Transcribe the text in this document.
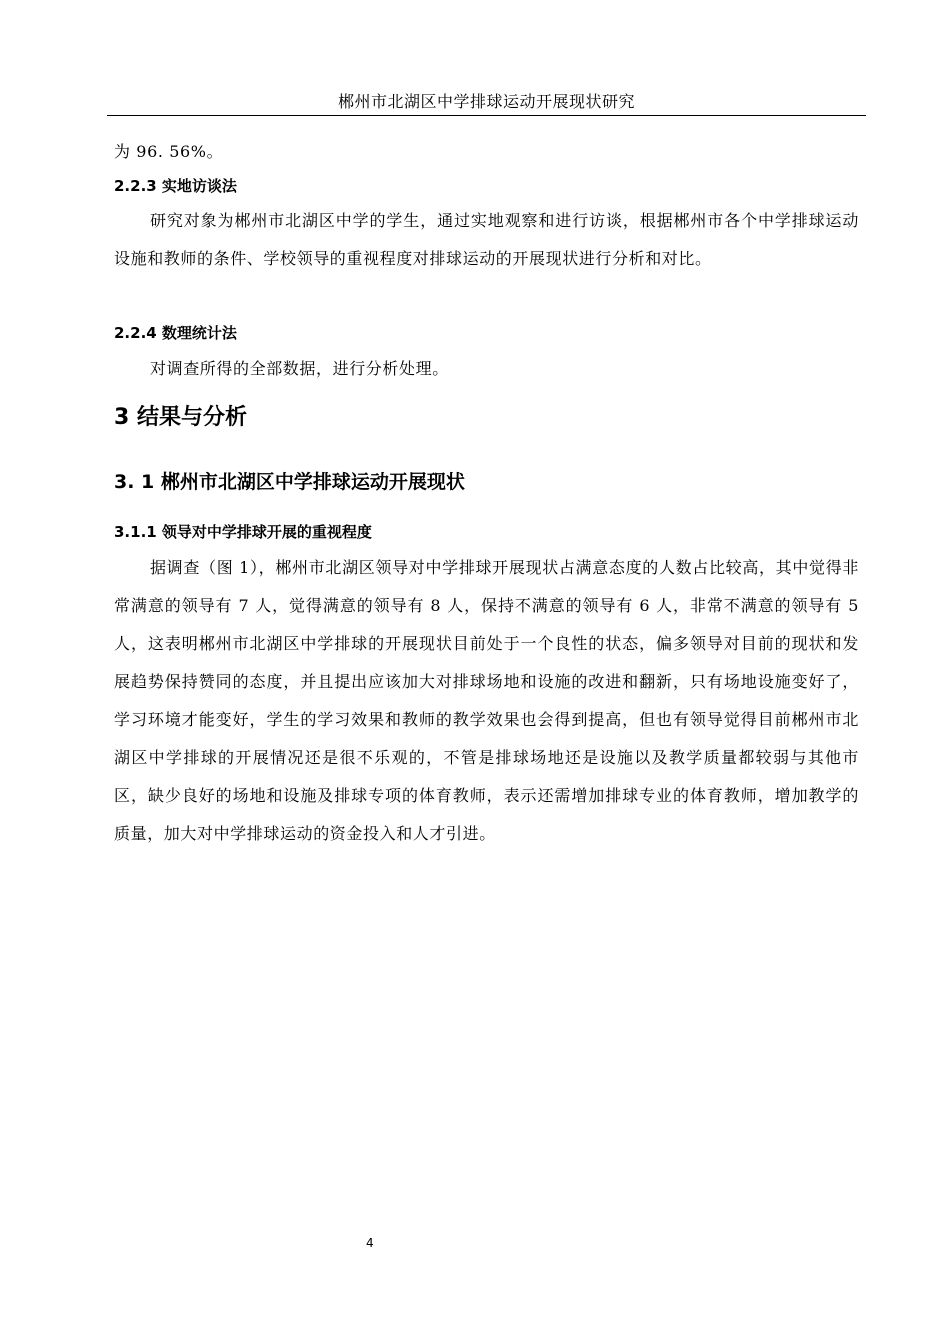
郴州市北湖区中学排球运动开展现状研究

为 96. 56%。

2.2.3 实地访谈法

研究对象为郴州市北湖区中学的学生，通过实地观察和进行访谈，根据郴州市各个中学排球运动设施和教师的条件、学校领导的重视程度对排球运动的开展现状进行分析和对比。

2.2.4 数理统计法

对调查所得的全部数据，进行分析处理。

3 结果与分析
3. 1 郴州市北湖区中学排球运动开展现状
3.1.1 领导对中学排球开展的重视程度

据调查（图 1），郴州市北湖区领导对中学排球开展现状占满意态度的人数占比较高，其中觉得非常满意的领导有 7 人，觉得满意的领导有 8 人，保持不满意的领导有 6 人，非常不满意的领导有 5 人，这表明郴州市北湖区中学排球的开展现状目前处于一个良性的状态，偏多领导对目前的现状和发展趋势保持赞同的态度，并且提出应该加大对排球场地和设施的改进和翻新，只有场地设施变好了，学习环境才能变好，学生的学习效果和教师的教学效果也会得到提高，但也有领导觉得目前郴州市北湖区中学排球的开展情况还是很不乐观的，不管是排球场地还是设施以及教学质量都较弱与其他市区，缺少良好的场地和设施及排球专项的体育教师，表示还需增加排球专业的体育教师，增加教学的质量，加大对中学排球运动的资金投入和人才引进。

4
